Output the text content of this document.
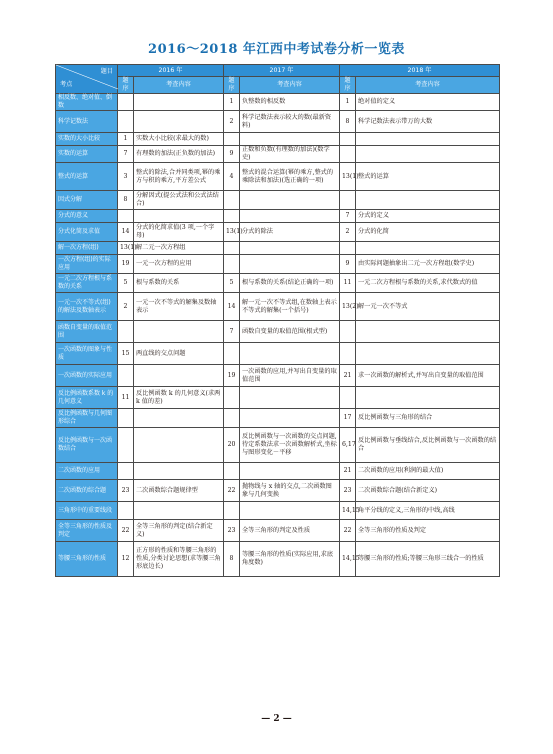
2016～2018 年江西中考试卷分析一览表
题目
考点	2016 年		2017 年		2018 年	
	题序	考查内容	题序	考查内容	题序	考查内容
相反数、绝对值、倒数			1	负整数的相反数	1	绝对值的定义
科学记数法			2	科学记数法表示较大的数(最新资料)	8	科学记数法表示带万的大数
实数的大小比较	1	实数大小比较(求最大的数)				
实数的运算	7	有理数的加法(正负数的加法)	9	正数和负数(有理数的加法)(数学史)		
整式的运算	3	整式的除法,合并同类项,幂的乘方与积的乘方,平方差公式	4	整式的混合运算(幂的乘方,整式的乘除法和加法)(选正确的一项)	13(1)	整式的运算
因式分解	8	分解因式(提公式法和公式法结合)				
分式的意义					7	分式的定义
分式化简及求值	14	分式的化简求值(3 项,一个字母)	13(1)	分式的除法	2	分式的化简
解一次方程(组)	13(1)	解二元一次方程组				
一次方程(组)的实际应用	19	一元一次方程的应用			9	由实际问题抽象出二元一次方程组(数学史)
一元二次方程根与系数的关系	5	根与系数的关系	5	根与系数的关系(结论正确的一项)	11	一元二次方程根与系数的关系,求代数式的值
一元一次不等式(组)的解法及数轴表示	2	一元一次不等式的解集及数轴表示	14	解一元一次不等式组,在数轴上表示不等式的解集(一个括号)	13(2)	解一元一次不等式
函数自变量的取值范围			7	函数自变量的取值范围(根式型)		
一次函数的图象与性质	15	两直线的交点问题				
一次函数的实际应用			19	一次函数的应用,并写出自变量的取值范围	21	求一次函数的解析式,并写出自变量的取值范围
反比例函数系数 k 的几何意义	11	反比例函数 k 的几何意义(求两 k 值的差)				
反比例函数与几何图形综合					17	反比例函数与三角形的结合
反比例函数与一次函数结合			20	反比例函数与一次函数的交点问题,待定系数法求一次函数解析式,坐标与图形变化－平移	6,17	反比例函数与垂线结合,反比例函数与一次函数的结合
二次函数的应用					21	二次函数的应用(利润的最大值)
二次函数的综合题	23	二次函数综合题规律型	22	抛物线与 x 轴的交点,二次函数图象与几何变换	23	二次函数综合题(结合新定义)
三角形中的重要线段					14,15	角平分线的定义,三角形的中线,高线
全等三角形的性质及判定	22	全等三角形的判定(结合新定义)	23	全等三角形的判定及性质	22	全等三角形的性质及判定
等腰三角形的性质	12	正方形的性质和等腰三角形的性质,分类讨论思想(求等腰三角形底边长)	8	等腰三角形的性质(实际应用,求底角度数)	14,15	等腰三角形的性质;等腰三角形三线合一的性质
— 2 —
